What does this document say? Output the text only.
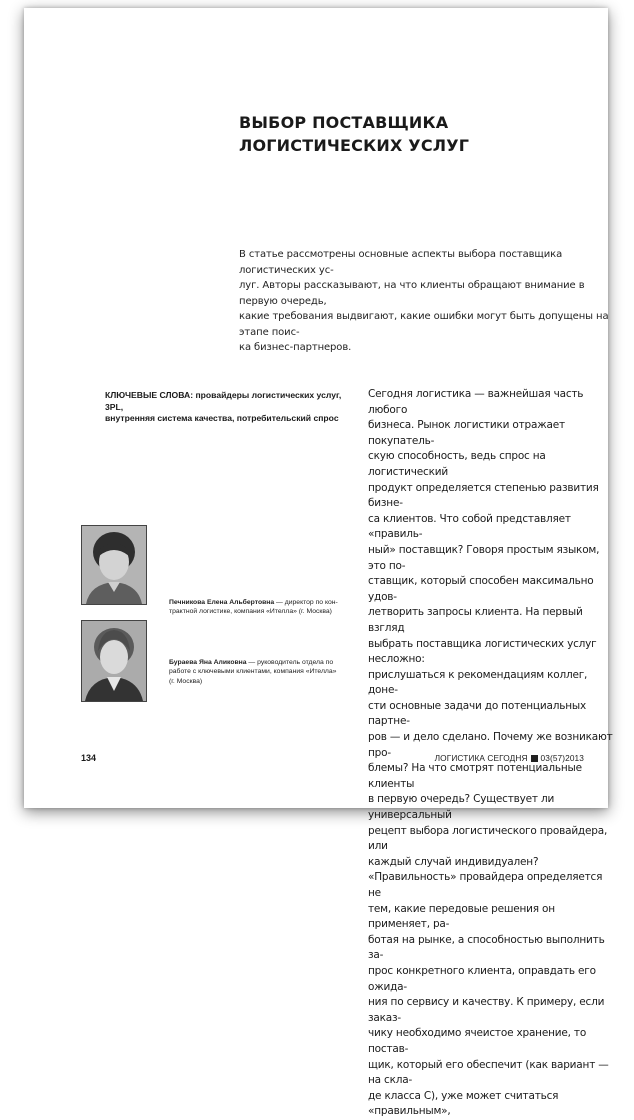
ВЫБОР ПОСТАВЩИКА
ЛОГИСТИЧЕСКИХ УСЛУГ

В статье рассмотрены основные аспекты выбора поставщика логистических ус-
луг. Авторы рассказывают, на что клиенты обращают внимание в первую очередь,
какие требования выдвигают, какие ошибки могут быть допущены на этапе поис-
ка бизнес-партнеров.

КЛЮЧЕВЫЕ СЛОВА: провайдеры логистических услуг, 3PL,
внутренняя система качества, потребительский спрос

Сегодня логистика — важнейшая часть любого
бизнеса. Рынок логистики отражает покупатель-
скую способность, ведь спрос на логистический
продукт определяется степенью развития бизне-
са клиентов. Что собой представляет «правиль-
ный» поставщик? Говоря простым языком, это по-
ставщик, который способен максимально удов-
летворить запросы клиента. На первый взгляд
выбрать поставщика логистических услуг несложно:
прислушаться к рекомендациям коллег, доне-
сти основные задачи до потенциальных партне-
ров — и дело сделано. Почему же возникают про-
блемы? На что смотрят потенциальные клиенты
в первую очередь? Существует ли универсальный
рецепт выбора логистического провайдера, или
каждый случай индивидуален?
«Правильность» провайдера определяется не
тем, какие передовые решения он применяет, ра-
ботая на рынке, а способностью выполнить за-
прос конкретного клиента, оправдать его ожида-
ния по сервису и качеству. К примеру, если заказ-
чику необходимо ячеистое хранение, то постав-
щик, который его обеспечит (как вариант — на скла-
де класса С), уже может считаться «правильным»,

Печникова Елена Альбертовна — директор по кон- трактной логистике, компания «Ителла» (г. Москва)

Бураева Яна Аликовна — руководитель отдела по работе с ключевыми клиентами, компания «Ителла» (г. Москва)

134	ЛОГИСТИКА СЕГОДНЯ 03(57)2013
